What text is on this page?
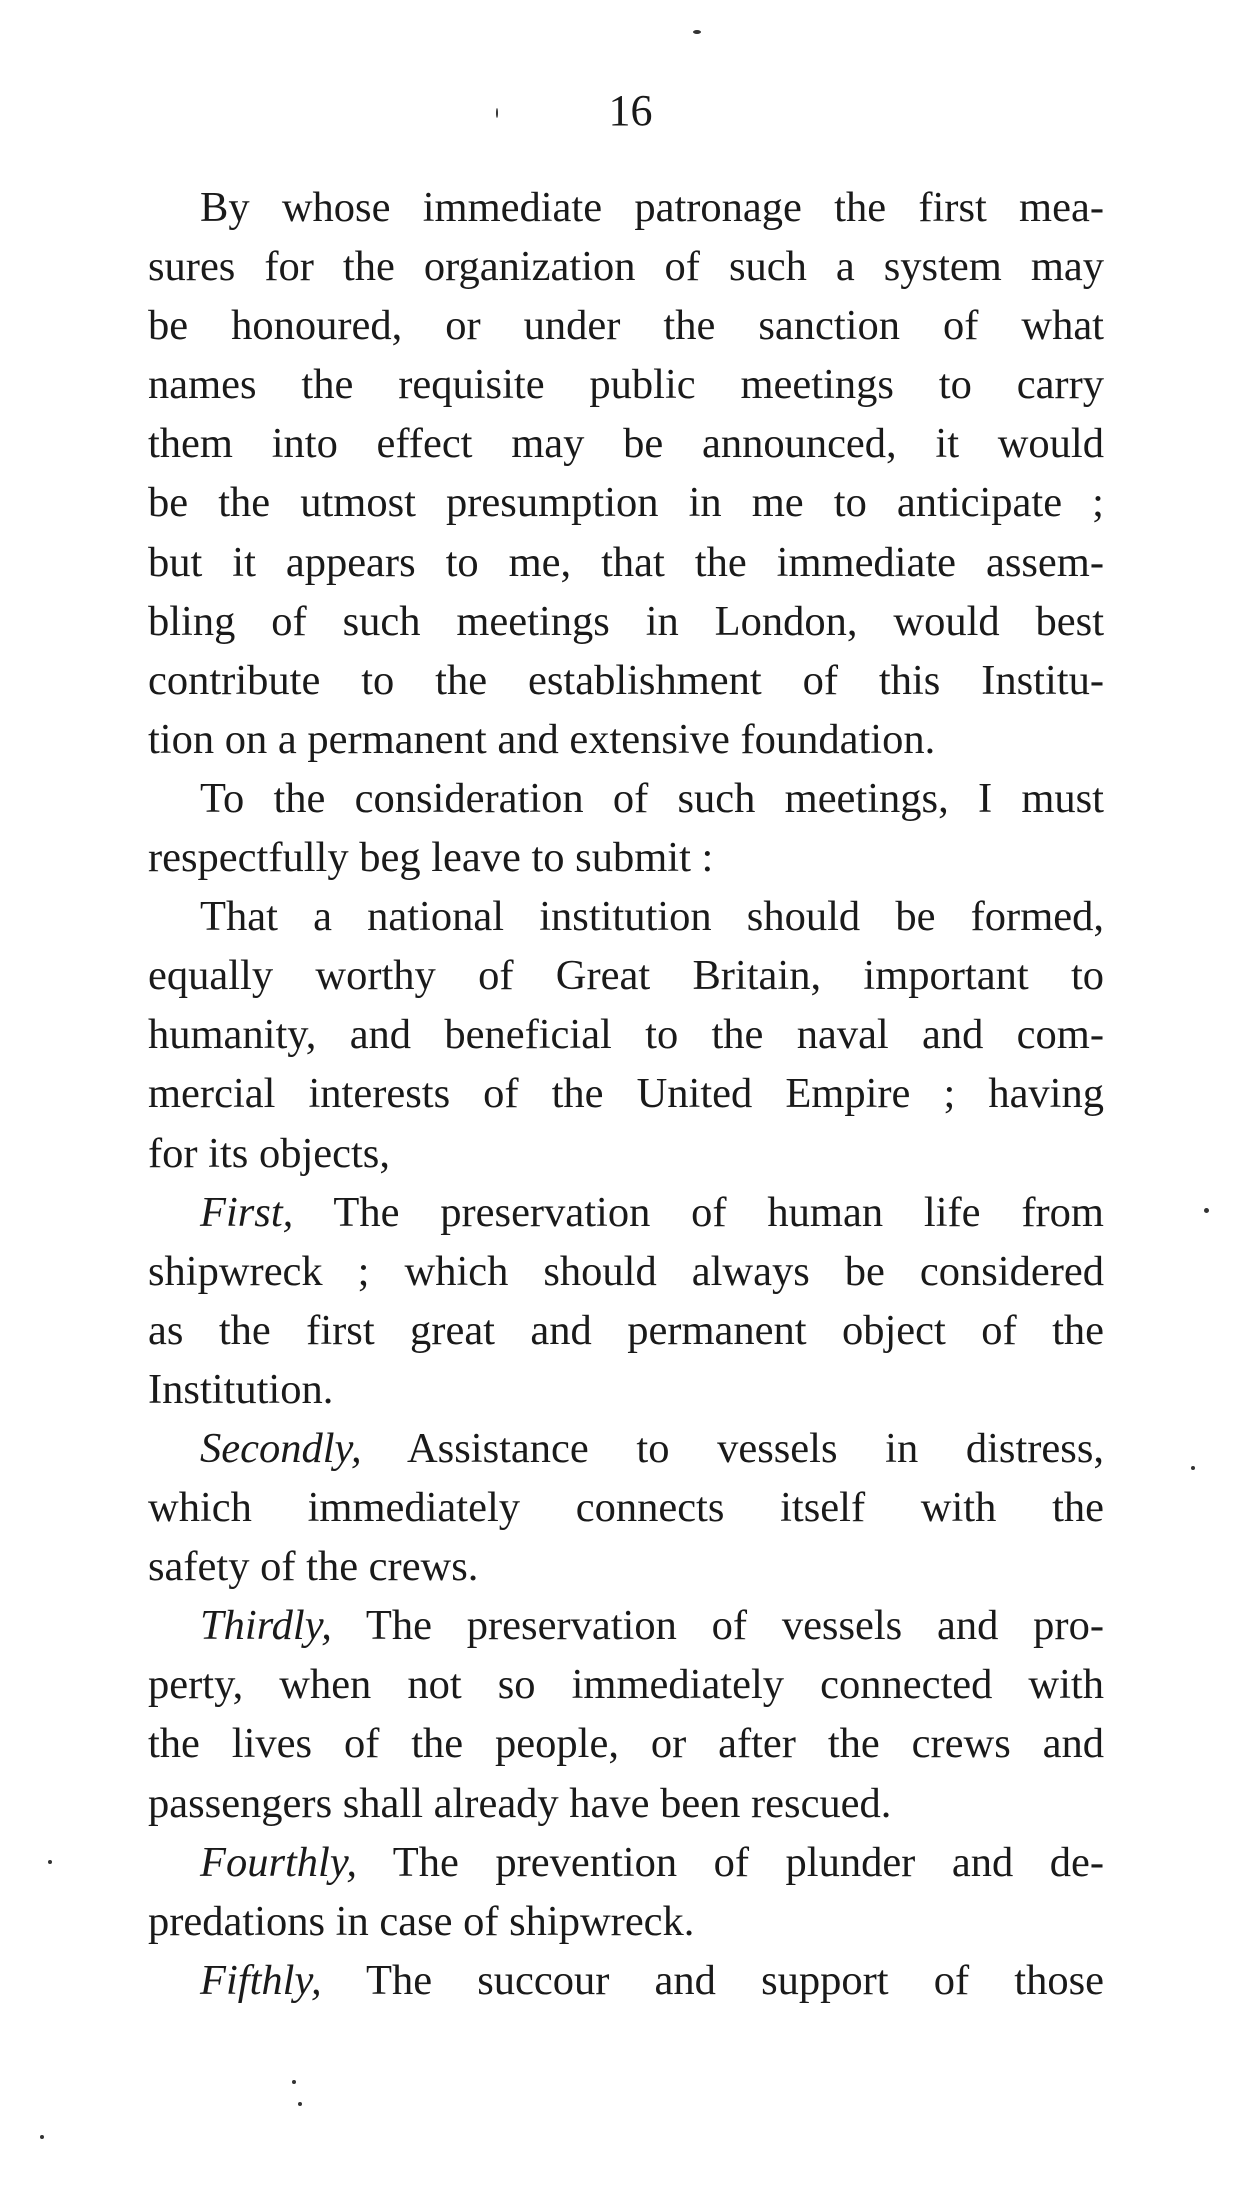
16
By whose immediate patronage the first mea-
sures for the organization of such a system may
be honoured, or under the sanction of what
names the requisite public meetings to carry
them into effect may be announced, it would
be the utmost presumption in me to anticipate ;
but it appears to me, that the immediate assem-
bling of such meetings in London, would best
contribute to the establishment of this Institu-
tion on a permanent and extensive foundation.
To the consideration of such meetings, I must
respectfully beg leave to submit :
That a national institution should be formed,
equally worthy of Great Britain, important to
humanity, and beneficial to the naval and com-
mercial interests of the United Empire ; having
for its objects,
First, The preservation of human life from
shipwreck ; which should always be considered
as the first great and permanent object of the
Institution.
Secondly, Assistance to vessels in distress,
which immediately connects itself with the
safety of the crews.
Thirdly, The preservation of vessels and pro-
perty, when not so immediately connected with
the lives of the people, or after the crews and
passengers shall already have been rescued.
Fourthly, The prevention of plunder and de-
predations in case of shipwreck.
Fifthly, The succour and support of those
